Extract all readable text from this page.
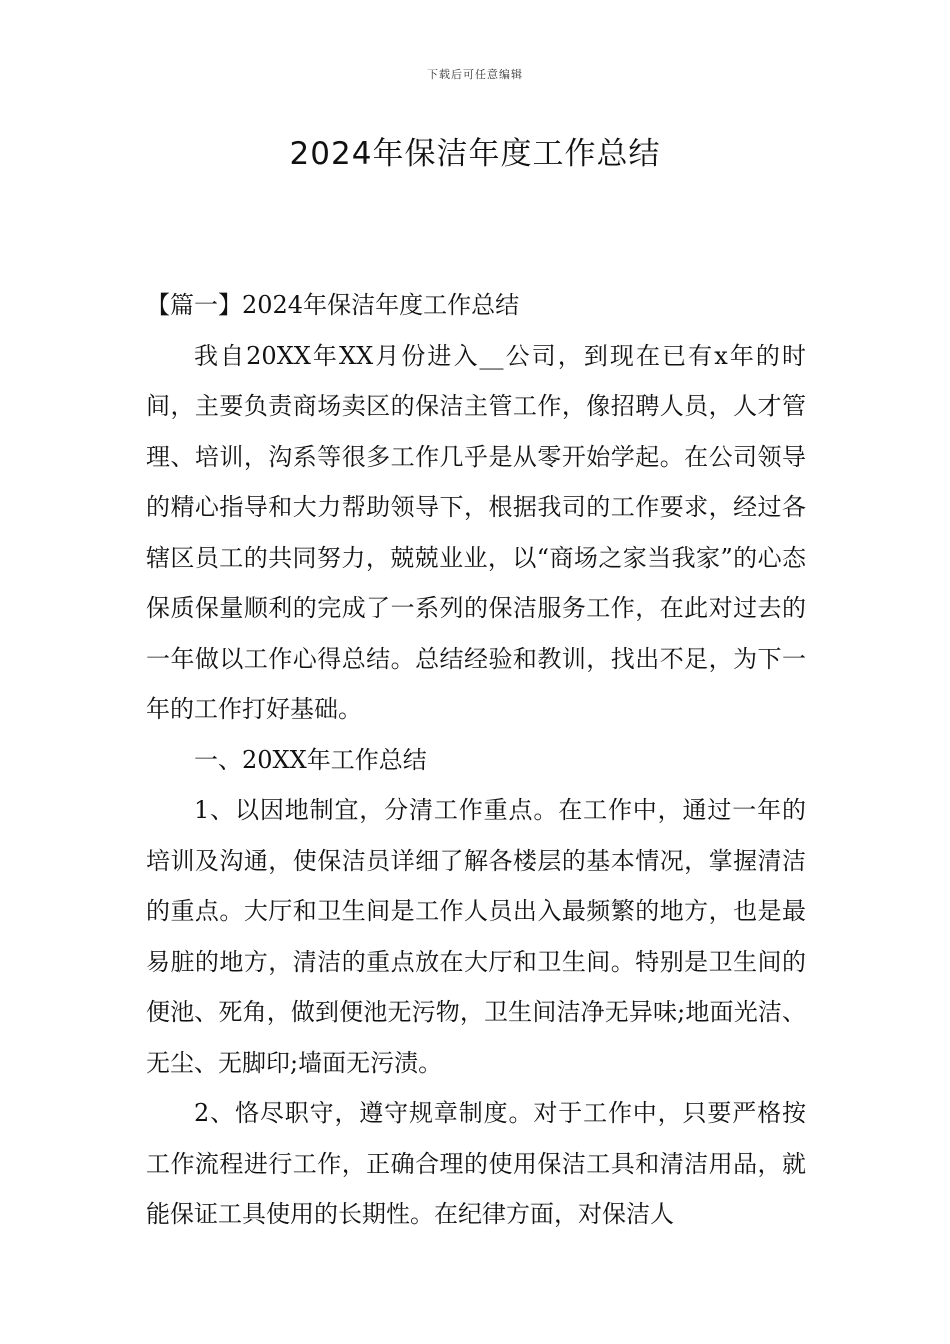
下载后可任意编辑
2024年保洁年度工作总结

【篇一】2024年保洁年度工作总结

我自20XX年XX月份进入__公司，到现在已有x年的时间，主要负责商场卖区的保洁主管工作，像招聘人员，人才管理、培训，沟系等很多工作几乎是从零开始学起。在公司领导的精心指导和大力帮助领导下，根据我司的工作要求，经过各辖区员工的共同努力，兢兢业业，以“商场之家当我家”的心态保质保量顺利的完成了一系列的保洁服务工作，在此对过去的一年做以工作心得总结。总结经验和教训，找出不足，为下一年的工作打好基础。

一、20XX年工作总结

1、以因地制宜，分清工作重点。在工作中，通过一年的培训及沟通，使保洁员详细了解各楼层的基本情况，掌握清洁的重点。大厅和卫生间是工作人员出入最频繁的地方，也是最易脏的地方，清洁的重点放在大厅和卫生间。特别是卫生间的便池、死角，做到便池无污物，卫生间洁净无异味;地面光洁、无尘、无脚印;墙面无污渍。

2、恪尽职守，遵守规章制度。对于工作中，只要严格按工作流程进行工作，正确合理的使用保洁工具和清洁用品，就能保证工具使用的长期性。在纪律方面，对保洁人
